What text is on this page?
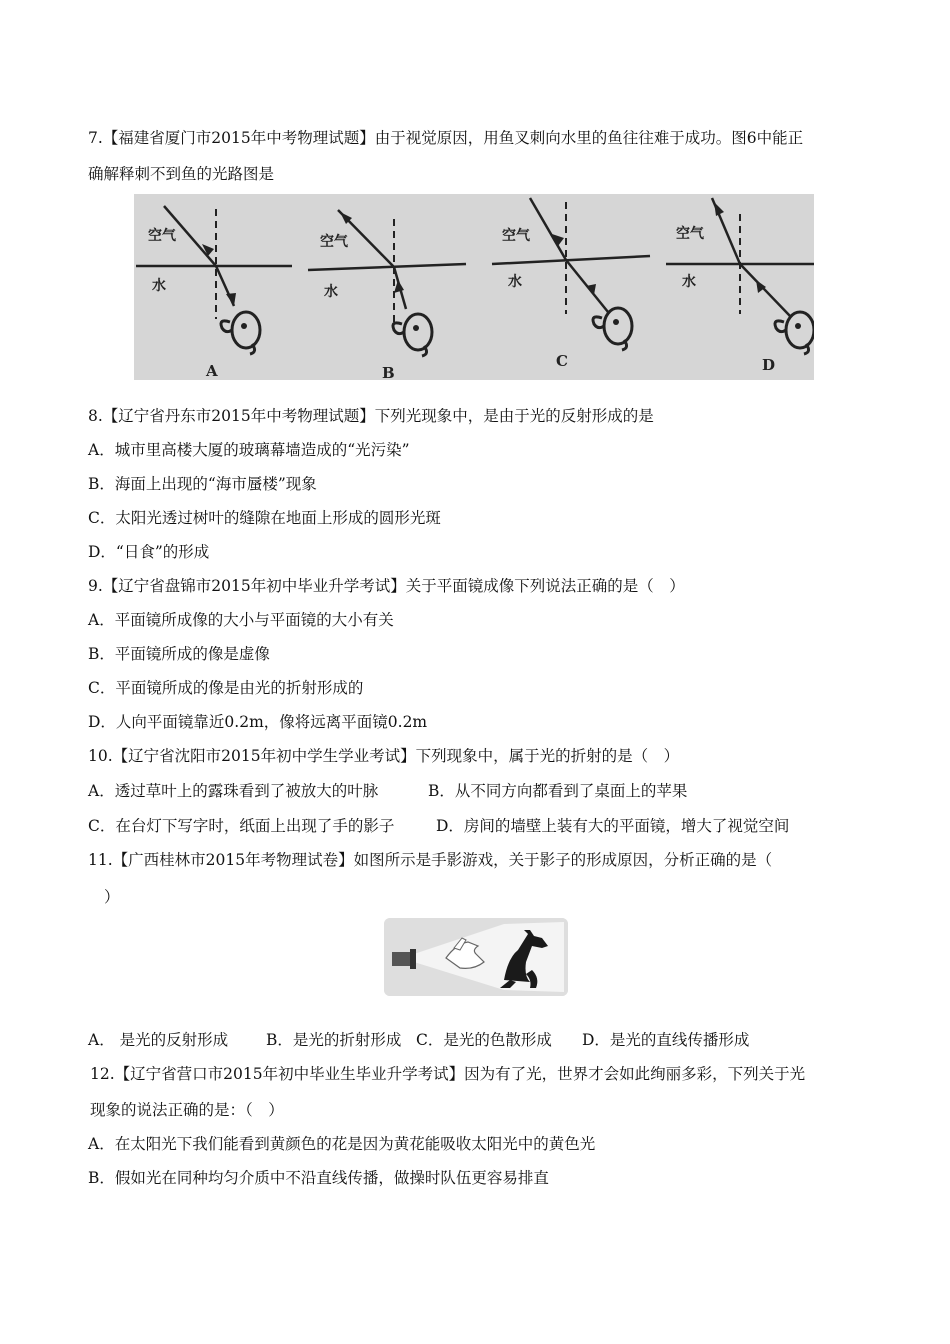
7.【福建省厦门市2015年中考物理试题】由于视觉原因，用鱼叉刺向水里的鱼往往难于成功。图6中能正
确解释刺不到鱼的光路图是
空气
水
A
空气
水
B
空气
水
C
空气
水
D
8.【辽宁省丹东市2015年中考物理试题】下列光现象中，是由于光的反射形成的是
A．城市里高楼大厦的玻璃幕墙造成的“光污染”
B．海面上出现的“海市蜃楼”现象
C．太阳光透过树叶的缝隙在地面上形成的圆形光斑
D．“日食”的形成
9.【辽宁省盘锦市2015年初中毕业升学考试】关于平面镜成像下列说法正确的是（　）
A．平面镜所成像的大小与平面镜的大小有关
B．平面镜所成的像是虚像
C．平面镜所成的像是由光的折射形成的
D．人向平面镜靠近0.2m，像将远离平面镜0.2m
10.【辽宁省沈阳市2015年初中学生学业考试】下列现象中，属于光的折射的是（　）
A．透过草叶上的露珠看到了被放大的叶脉	B．从不同方向都看到了桌面上的苹果
C．在台灯下写字时，纸面上出现了手的影子	D．房间的墙壁上装有大的平面镜，增大了视觉空间
11.【广西桂林市2015年考物理试卷】如图所示是手影游戏，关于影子的形成原因，分析正确的是（
）
A． 是光的反射形成 B．是光的折射形成 C．是光的色散形成 D．是光的直线传播形成
12.【辽宁省营口市2015年初中毕业生毕业升学考试】因为有了光，世界才会如此绚丽多彩，下列关于光
现象的说法正确的是：（　）
A．在太阳光下我们能看到黄颜色的花是因为黄花能吸收太阳光中的黄色光
B．假如光在同种均匀介质中不沿直线传播，做操时队伍更容易排直
